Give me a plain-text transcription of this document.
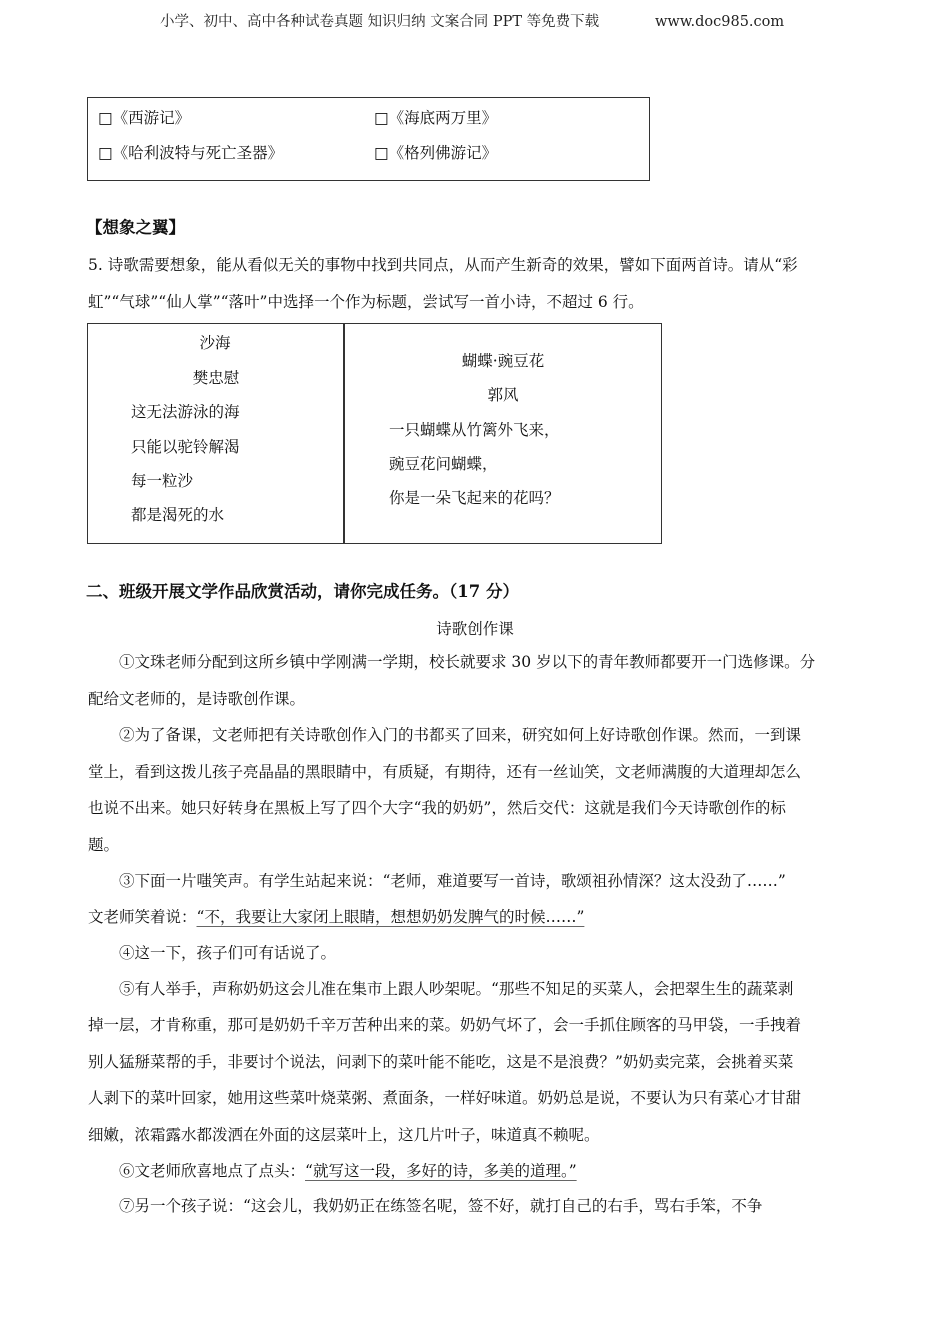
小学、初中、高中各种试卷真题 知识归纳 文案合同 PPT 等免费下载	www.doc985.com
□《西游记》	□《海底两万里》
□《哈利波特与死亡圣器》	□《格列佛游记》
【想象之翼】
5. 诗歌需要想象，能从看似无关的事物中找到共同点，从而产生新奇的效果，譬如下面两首诗。请从“彩
虹”“气球”“仙人掌”“落叶”中选择一个作为标题，尝试写一首小诗，不超过 6 行。
沙海
樊忠慰
这无法游泳的海
只能以驼铃解渴
每一粒沙
都是渴死的水
蝴蝶·豌豆花
郭风
一只蝴蝶从竹篱外飞来，
豌豆花问蝴蝶，
你是一朵飞起来的花吗？
二、班级开展文学作品欣赏活动，请你完成任务。（17 分）
诗歌创作课
①文珠老师分配到这所乡镇中学刚满一学期，校长就要求 30 岁以下的青年教师都要开一门选修课。分
配给文老师的，是诗歌创作课。
②为了备课，文老师把有关诗歌创作入门的书都买了回来，研究如何上好诗歌创作课。然而，一到课
堂上，看到这拨儿孩子亮晶晶的黑眼睛中，有质疑，有期待，还有一丝讪笑，文老师满腹的大道理却怎么
也说不出来。她只好转身在黑板上写了四个大字“我的奶奶”，然后交代：这就是我们今天诗歌创作的标
题。
③下面一片嗤笑声。有学生站起来说：“老师，难道要写一首诗，歌颂祖孙情深？这太没劲了……”
文老师笑着说：“不，我要让大家闭上眼睛，想想奶奶发脾气的时候……”
④这一下，孩子们可有话说了。
⑤有人举手，声称奶奶这会儿准在集市上跟人吵架呢。“那些不知足的买菜人，会把翠生生的蔬菜剥
掉一层，才肯称重，那可是奶奶千辛万苦种出来的菜。奶奶气坏了，会一手抓住顾客的马甲袋，一手拽着
别人猛掰菜帮的手，非要讨个说法，问剥下的菜叶能不能吃，这是不是浪费？”奶奶卖完菜，会挑着买菜
人剥下的菜叶回家，她用这些菜叶烧菜粥、煮面条，一样好味道。奶奶总是说，不要认为只有菜心才甘甜
细嫩，浓霜露水都泼洒在外面的这层菜叶上，这几片叶子，味道真不赖呢。
⑥文老师欣喜地点了点头：“就写这一段，多好的诗，多美的道理。”
⑦另一个孩子说：“这会儿，我奶奶正在练签名呢，签不好，就打自己的右手，骂右手笨，不争
